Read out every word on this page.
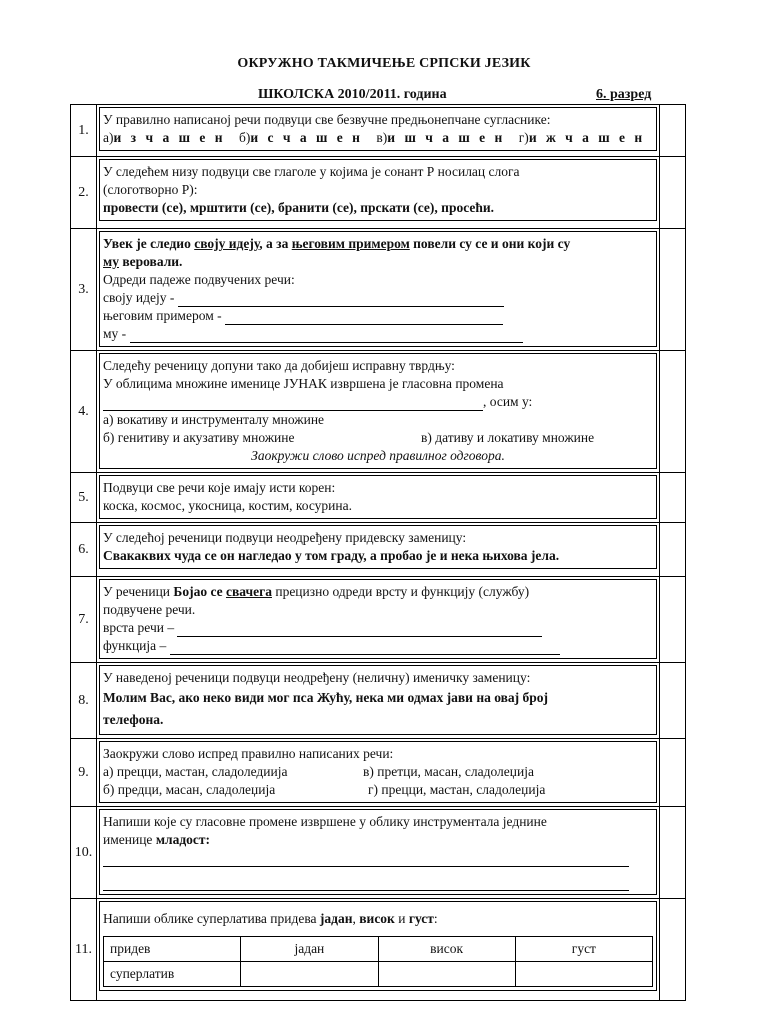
ОКРУЖНО ТАКМИЧЕЊЕ СРПСКИ ЈЕЗИК
ШКОЛСКА 2010/2011. година	6. разред
1.	
У правилно написаној речи подвуци све безвучне предњонепчане сугласнике:
а)и з ч а ш е н б)и с ч а ш е н в)и ш ч а ш е н г)и ж ч а ш е н

2.	
У следећем низу подвуци све глаголе у којима је сонант Р носилац слога
(слоготворно Р):
провести (се), мрштити (се), бранити (се), прскати (се), просећи.

3.	
Увек је следио своју идеју, а за његовим примером повели су се и они који су
му веровали.
Одреди падеже подвучених речи:
своју идеју -
његовим примером -
му -

4.	
Следећу реченицу допуни тако да добијеш исправну тврдњу:
У облицима множине именице ЈУНАК извршена је гласовна промена
, осим у:
а) вокативу и инструменталу множине
б) генитиву и акузативу множине	в) дативу и локативу множине
Заокружи слово испред правилног одговора.

5.	
Подвуци све речи које имају исти корен:
коска, космос, укосница, костим, косурина.

6.	
У следећој реченици подвуци неодређену придевску заменицу:
Свакаквих чуда се он нагледао у том граду, а пробао је и нека њихова јела.

7.	
У реченици Бојао се свачега прецизно одреди врсту и функцију (службу)
подвучене речи.
врста речи –
функција –

8.	
У наведеној реченици подвуци неодређену (неличну) именичку заменицу:
Молим Вас, ако неко види мог пса Жућу, нека ми одмах јави на овај број
телефона.

9.	
Заокружи слово испред правилно написаних речи:
а) прецци, мастан, сладоледиија	в) претци, масан, сладолеџија
б) предци, масан, сладолеџија	г) прецци, мастан, сладолеџија

10.	
Напиши које су гласовне промене извршене у облику инструментала једнине
именице младост:

11.	
Напиши облике суперлатива придева јадан, висок и густ:
придев	јадан	висок	густ
суперлатив			
